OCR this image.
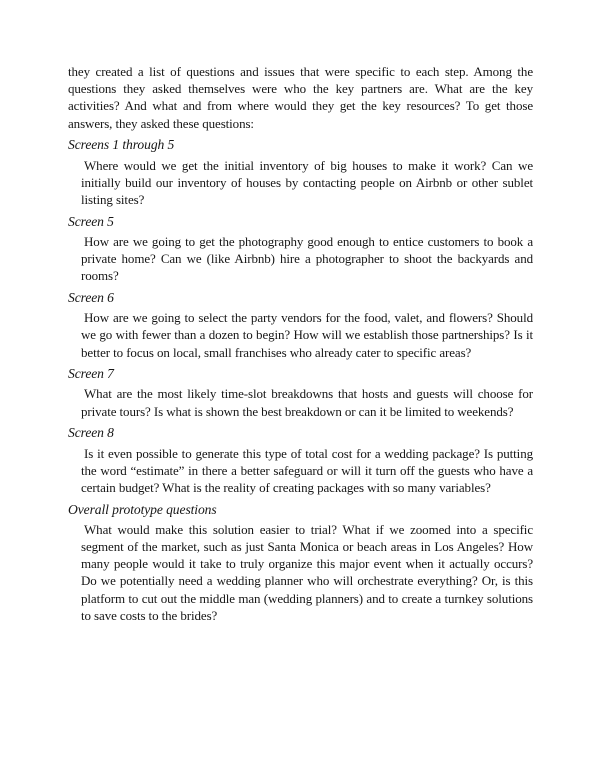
they created a list of questions and issues that were specific to each step. Among the questions they asked themselves were who the key partners are. What are the key activities? And what and from where would they get the key resources? To get those answers, they asked these questions:

Screens 1 through 5

Where would we get the initial inventory of big houses to make it work? Can we initially build our inventory of houses by contacting people on Airbnb or other sublet listing sites?

Screen 5

How are we going to get the photography good enough to entice customers to book a private home? Can we (like Airbnb) hire a photographer to shoot the backyards and rooms?

Screen 6

How are we going to select the party vendors for the food, valet, and flowers? Should we go with fewer than a dozen to begin? How will we establish those partnerships? Is it better to focus on local, small franchises who already cater to specific areas?

Screen 7

What are the most likely time-slot breakdowns that hosts and guests will choose for private tours? Is what is shown the best breakdown or can it be limited to weekends?

Screen 8

Is it even possible to generate this type of total cost for a wedding package? Is putting the word “estimate” in there a better safeguard or will it turn off the guests who have a certain budget? What is the reality of creating packages with so many variables?

Overall prototype questions

What would make this solution easier to trial? What if we zoomed into a specific segment of the market, such as just Santa Monica or beach areas in Los Angeles? How many people would it take to truly organize this major event when it actually occurs? Do we potentially need a wedding planner who will orchestrate everything? Or, is this platform to cut out the middle man (wedding planners) and to create a turnkey solutions to save costs to the brides?
